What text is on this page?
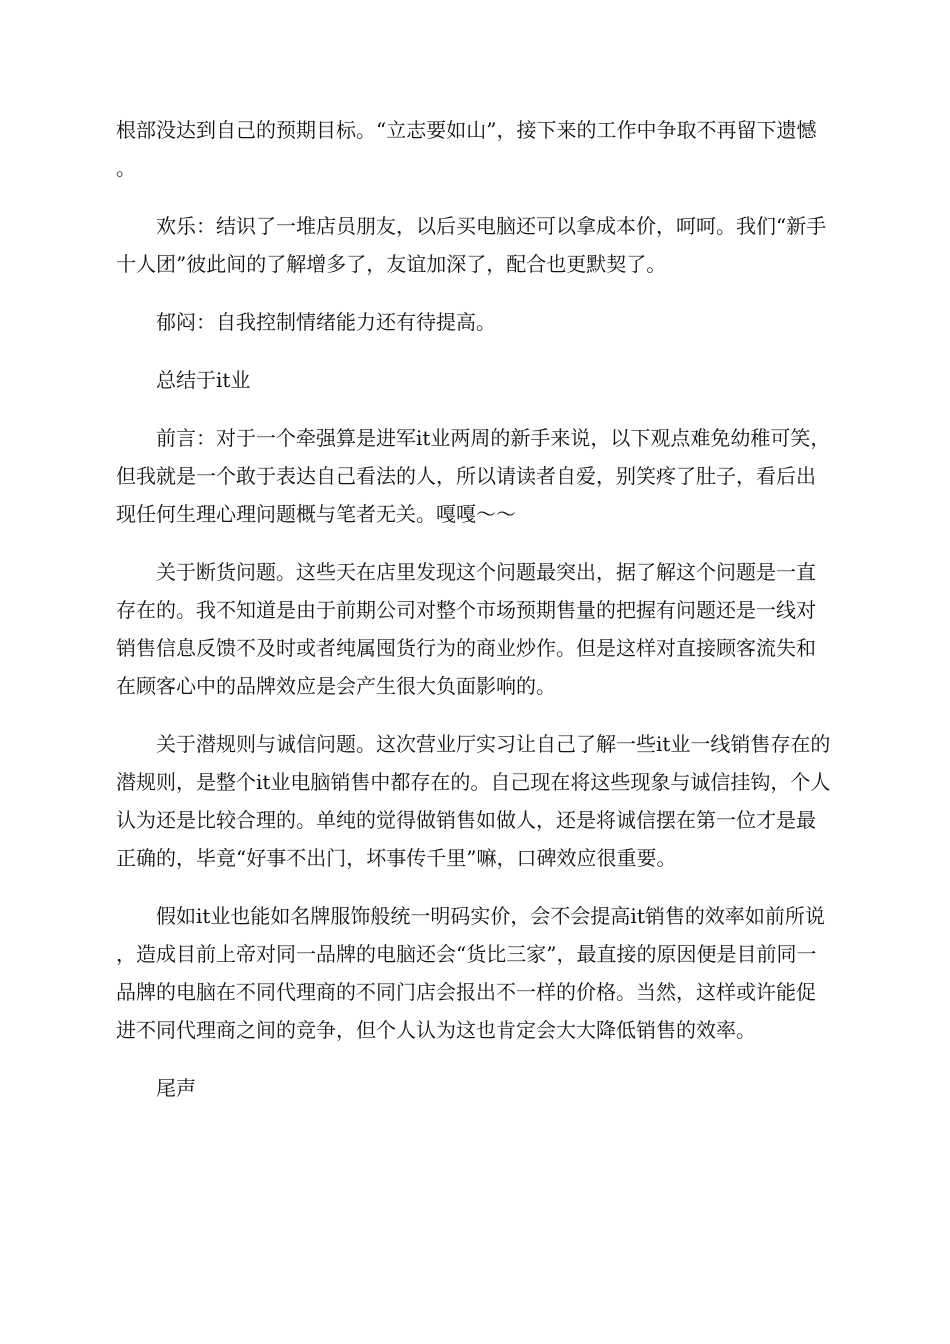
根部没达到自己的预期目标。“立志要如山”，接下来的工作中争取不再留下遗憾。

欢乐：结识了一堆店员朋友，以后买电脑还可以拿成本价，呵呵。我们“新手十人团”彼此间的了解增多了，友谊加深了，配合也更默契了。

郁闷：自我控制情绪能力还有待提高。

总结于it业

前言：对于一个牵强算是进军it业两周的新手来说，以下观点难免幼稚可笑，但我就是一个敢于表达自己看法的人，所以请读者自爱，别笑疼了肚子，看后出现任何生理心理问题概与笔者无关。嘎嘎～～

关于断货问题。这些天在店里发现这个问题最突出，据了解这个问题是一直存在的。我不知道是由于前期公司对整个市场预期售量的把握有问题还是一线对销售信息反馈不及时或者纯属囤货行为的商业炒作。但是这样对直接顾客流失和在顾客心中的品牌效应是会产生很大负面影响的。

关于潜规则与诚信问题。这次营业厅实习让自己了解一些it业一线销售存在的潜规则，是整个it业电脑销售中都存在的。自己现在将这些现象与诚信挂钩，个人认为还是比较合理的。单纯的觉得做销售如做人，还是将诚信摆在第一位才是最正确的，毕竟“好事不出门，坏事传千里”嘛，口碑效应很重要。

假如it业也能如名牌服饰般统一明码实价，会不会提高it销售的效率如前所说，造成目前上帝对同一品牌的电脑还会“货比三家”，最直接的原因便是目前同一品牌的电脑在不同代理商的不同门店会报出不一样的价格。当然，这样或许能促进不同代理商之间的竞争，但个人认为这也肯定会大大降低销售的效率。

尾声
